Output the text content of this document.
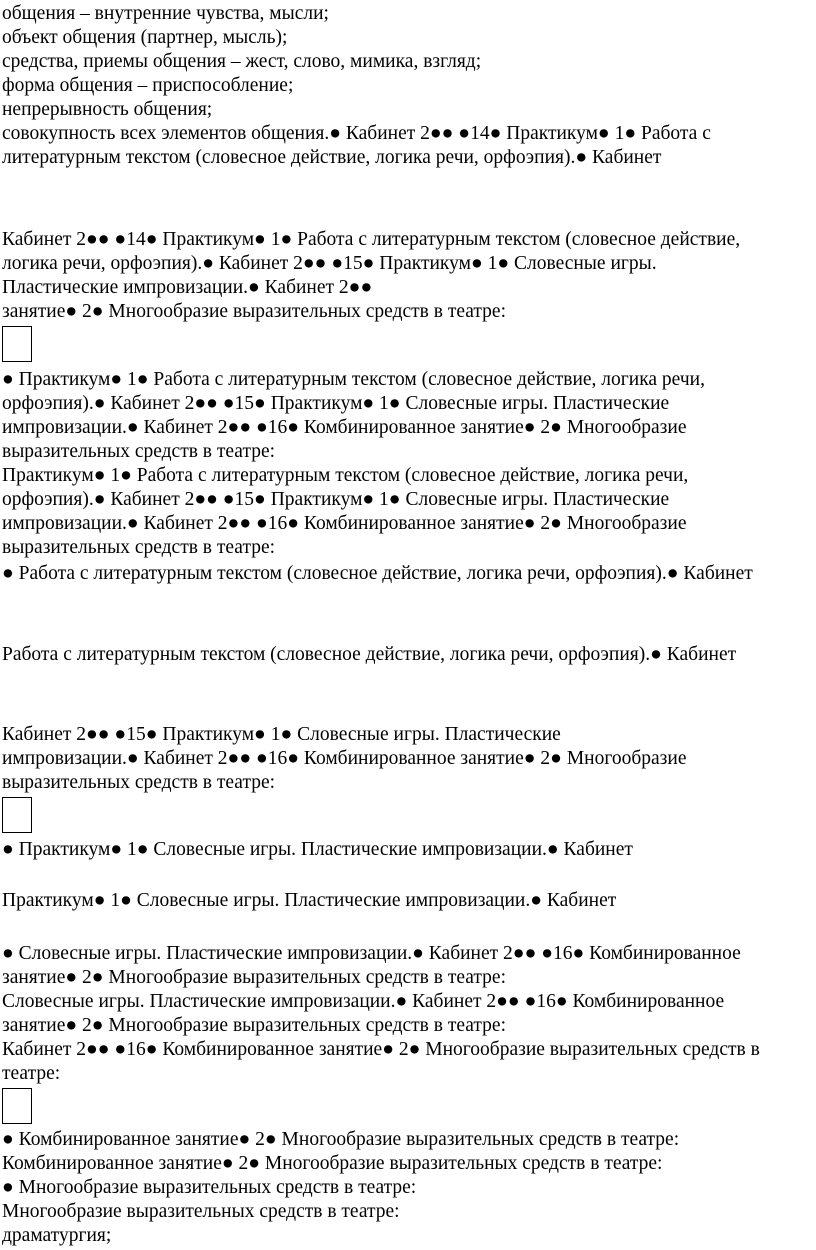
общения – внутренние чувства, мысли;
объект общения (партнер, мысль);
средства, приемы общения – жест, слово, мимика, взгляд;
форма общения – приспособление;
непрерывность общения;
совокупность всех элементов общения.● Кабинет 2●● ●14● Практикум● 1● Работа с
литературным текстом (словесное действие, логика речи, орфоэпия).● Кабинет
Кабинет 2●● ●14● Практикум● 1● Работа с литературным текстом (словесное действие,
логика речи, орфоэпия).● Кабинет 2●● ●15● Практикум● 1● Словесные игры.
Пластические импровизации.● Кабинет 2●●
занятие● 2● Многообразие выразительных средств в театре:
● Практикум● 1● Работа с литературным текстом (словесное действие, логика речи,
орфоэпия).● Кабинет 2●● ●15● Практикум● 1● Словесные игры. Пластические
импровизации.● Кабинет 2●● ●16● Комбинированное занятие● 2● Многообразие
выразительных средств в театре:
Практикум● 1● Работа с литературным текстом (словесное действие, логика речи,
орфоэпия).● Кабинет 2●● ●15● Практикум● 1● Словесные игры. Пластические
импровизации.● Кабинет 2●● ●16● Комбинированное занятие● 2● Многообразие
выразительных средств в театре:
● Работа с литературным текстом (словесное действие, логика речи, орфоэпия).● Кабинет
Работа с литературным текстом (словесное действие, логика речи, орфоэпия).● Кабинет
Кабинет 2●● ●15● Практикум● 1● Словесные игры. Пластические
импровизации.● Кабинет 2●● ●16● Комбинированное занятие● 2● Многообразие
выразительных средств в театре:
● Практикум● 1● Словесные игры. Пластические импровизации.● Кабинет
Практикум● 1● Словесные игры. Пластические импровизации.● Кабинет
● Словесные игры. Пластические импровизации.● Кабинет 2●● ●16● Комбинированное
занятие● 2● Многообразие выразительных средств в театре:
Словесные игры. Пластические импровизации.● Кабинет 2●● ●16● Комбинированное
занятие● 2● Многообразие выразительных средств в театре:
Кабинет 2●● ●16● Комбинированное занятие● 2● Многообразие выразительных средств в
театре:
● Комбинированное занятие● 2● Многообразие выразительных средств в театре:
Комбинированное занятие● 2● Многообразие выразительных средств в театре:
● Многообразие выразительных средств в театре:
Многообразие выразительных средств в театре:
драматургия;
